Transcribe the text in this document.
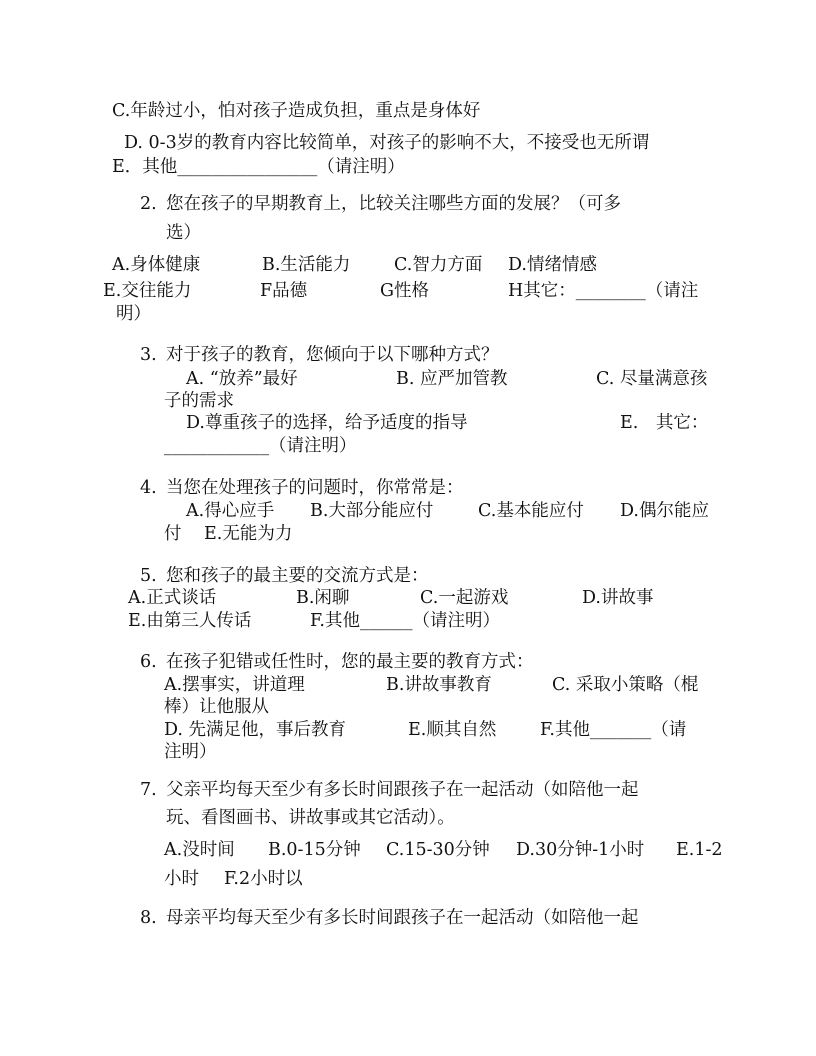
C.年龄过小，怕对孩子造成负担，重点是身体好
D. 0-3岁的教育内容比较简单，对孩子的影响不大，不接受也无所谓
E．其他________________（请注明）
2. 您在孩子的早期教育上，比较关注哪些方面的发展？（可多
选）
A.身体健康	B.生活能力 C.智力方面 D.情绪情感
E.交往能力	F品德	G性格	H其它：________（请注
明）
3. 对于孩子的教育，您倾向于以下哪种方式？
A. “放养”最好	B. 应严加管教	C. 尽量满意孩
子的需求
D.尊重孩子的选择，给予适度的指导	E.　其它：
____________（请注明）
4. 当您在处理孩子的问题时，你常常是：
A.得心应手 B.大部分能应付	C.基本能应付 D.偶尔能应
付 E.无能为力
5. 您和孩子的最主要的交流方式是：
A.正式谈话	B.闲聊	C.一起游戏	D.讲故事
E.由第三人传话	F.其他______（请注明）
6. 在孩子犯错或任性时，您的最主要的教育方式：
A.摆事实，讲道理	B.讲故事教育	C. 采取小策略（棍
棒）让他服从
D. 先满足他，事后教育	E.顺其自然 F.其他_______（请
注明）
7. 父亲平均每天至少有多长时间跟孩子在一起活动（如陪他一起
玩、看图画书、讲故事或其它活动）。
A.没时间 B.0-15分钟 C.15-30分钟 D.30分钟-1小时 E.1-2
小时 F.2小时以
8. 母亲平均每天至少有多长时间跟孩子在一起活动（如陪他一起
